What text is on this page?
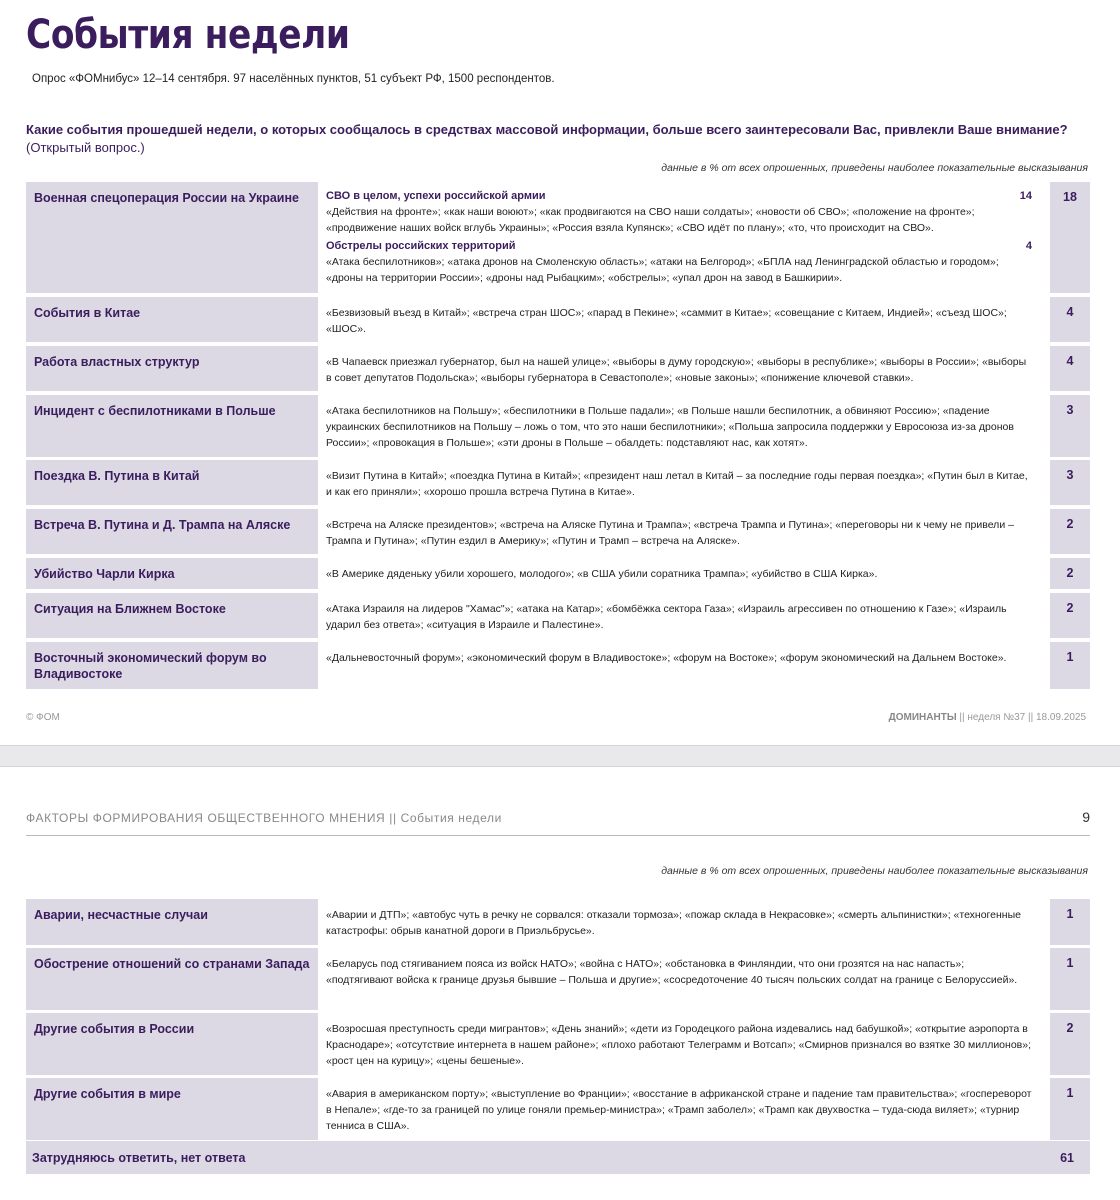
События недели
Опрос «ФОМнибус» 12–14 сентября. 97 населённых пунктов, 51 субъект РФ, 1500 респондентов.
Какие события прошедшей недели, о которых сообщалось в средствах массовой информации, больше всего заинтересовали Вас, привлекли Ваше внимание?
(Открытый вопрос.)
данные в % от всех опрошенных, приведены наиболее показательные высказывания
Военная спецоперация России на Украине	СВО в целом, успехи российской армии	14
«Действия на фронте»; «как наши воюют»; «как продвигаются на СВО наши солдаты»; «новости об СВО»; «положение на фронте»; «продвижение наших войск вглубь Украины»; «Россия взяла Купянск»; «СВО идёт по плану»; «то, что происходит на СВО».
Обстрелы российских территорий	4
«Атака беспилотников»; «атака дронов на Смоленскую область»; «атаки на Белгород»; «БПЛА над Ленинградской областью и городом»; «дроны на территории России»; «дроны над Рыбацким»; «обстрелы»; «упал дрон на завод в Башкирии».
18
События в Китае	«Безвизовый въезд в Китай»; «встреча стран ШОС»; «парад в Пекине»; «саммит в Китае»; «совещание с Китаем, Индией»; «съезд ШОС»; «ШОС».
4
Работа властных структур	«В Чапаевск приезжал губернатор, был на нашей улице»; «выборы в думу городскую»; «выборы в республике»; «выборы в России»; «выборы в совет депутатов Подольска»; «выборы губернатора в Севастополе»; «новые законы»; «понижение ключевой ставки».
4
Инцидент с беспилотниками в Польше	«Атака беспилотников на Польшу»; «беспилотники в Польше падали»; «в Польше нашли беспилотник, а обвиняют Россию»; «падение украинских беспилотников на Польшу – ложь о том, что это наши беспилотники»; «Польша запросила поддержки у Евросоюза из-за дронов России»; «провокация в Польше»; «эти дроны в Польше – обалдеть: подставляют нас, как хотят».
3
Поездка В. Путина в Китай	«Визит Путина в Китай»; «поездка Путина в Китай»; «президент наш летал в Китай – за последние годы первая поездка»; «Путин был в Китае, и как его приняли»; «хорошо прошла встреча Путина в Китае».
3
Встреча В. Путина и Д. Трампа на Аляске	«Встреча на Аляске президентов»; «встреча на Аляске Путина и Трампа»; «встреча Трампа и Путина»; «переговоры ни к чему не привели – Трампа и Путина»; «Путин ездил в Америку»; «Путин и Трамп – встреча на Аляске».
2
Убийство Чарли Кирка	«В Америке дяденьку убили хорошего, молодого»; «в США убили соратника Трампа»; «убийство в США Кирка».	2
Ситуация на Ближнем Востоке	«Атака Израиля на лидеров "Хамас"»; «атака на Катар»; «бомбёжка сектора Газа»; «Израиль агрессивен по отношению к Газе»; «Израиль ударил без ответа»; «ситуация в Израиле и Палестине».
2
Восточный экономический форум во Владивостоке
«Дальневосточный форум»; «экономический форум в Владивостоке»; «форум на Востоке»; «форум экономический на Дальнем Востоке».	1
© ФОМ	ДОМИНАНТЫ || неделя №37 || 18.09.2025
ФАКТОРЫ ФОРМИРОВАНИЯ ОБЩЕСТВЕННОГО МНЕНИЯ || События недели	9
данные в % от всех опрошенных, приведены наиболее показательные высказывания
Аварии, несчастные случаи	«Аварии и ДТП»; «автобус чуть в речку не сорвался: отказали тормоза»; «пожар склада в Некрасовке»; «смерть альпинистки»; «техногенные катастрофы: обрыв канатной дороги в Приэльбрусье».
1
Обострение отношений со странами Запада	«Беларусь под стягиванием пояса из войск НАТО»; «война с НАТО»; «обстановка в Финляндии, что они грозятся на нас напасть»; «подтягивают войска к границе друзья бывшие – Польша и другие»; «сосредоточение 40 тысяч польских солдат на границе с Белоруссией».
1
Другие события в России	«Возросшая преступность среди мигрантов»; «День знаний»; «дети из Городецкого района издевались над бабушкой»; «открытие аэропорта в Краснодаре»; «отсутствие интернета в нашем районе»; «плохо работают Телеграмм и Вотсап»; «Смирнов признался во взятке 30 миллионов»; «рост цен на курицу»; «цены бешеные».
2
Другие события в мире	«Авария в американском порту»; «выступление во Франции»; «восстание в африканской стране и падение там правительства»; «госпереворот в Непале»; «где-то за границей по улице гоняли премьер-министра»; «Трамп заболел»; «Трамп как двухвостка – туда-сюда виляет»; «турнир тенниса в США».
1
Затрудняюсь ответить, нет ответа	61
